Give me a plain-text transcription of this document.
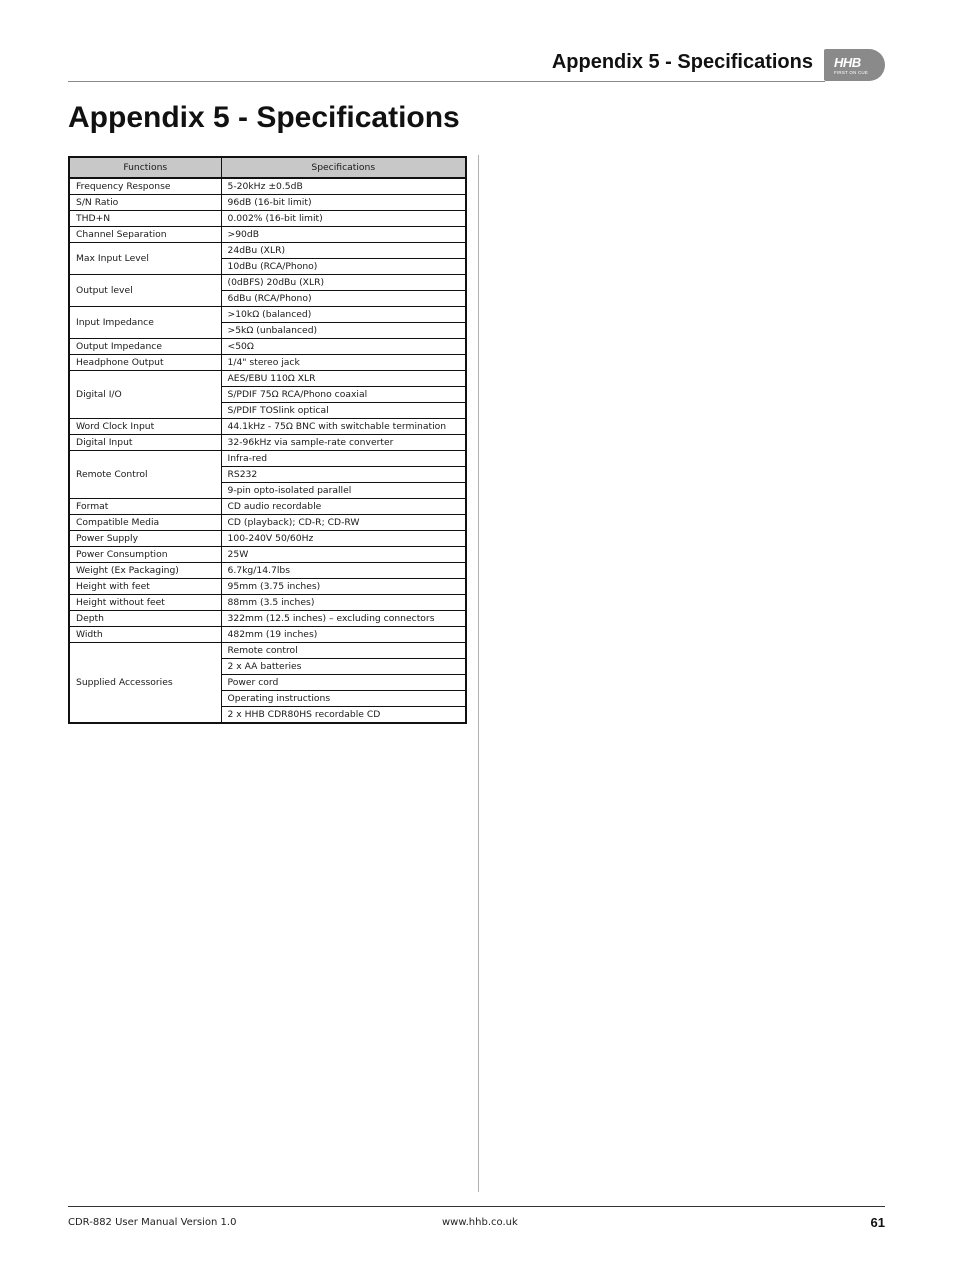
Appendix 5 - Specifications HHB
FIRST ON CUE
Appendix 5 - Specifications
Functions	Specifications
Frequency Response	5-20kHz ±0.5dB
S/N Ratio	96dB (16-bit limit)
THD+N	0.002% (16-bit limit)
Channel Separation	>90dB
Max Input Level	24dBu (XLR)
	10dBu (RCA/Phono)
Output level	(0dBFS) 20dBu (XLR)
	6dBu (RCA/Phono)
Input Impedance	>10kΩ (balanced)
	>5kΩ (unbalanced)
Output Impedance	<50Ω
Headphone Output	1/4" stereo jack
Digital I/O	AES/EBU 110Ω XLR
	S/PDIF 75Ω RCA/Phono coaxial
	S/PDIF TOSlink optical
Word Clock Input	44.1kHz - 75Ω BNC with switchable termination
Digital Input	32-96kHz via sample-rate converter
Remote Control	Infra-red
	RS232
	9-pin opto-isolated parallel
Format	CD audio recordable
Compatible Media	CD (playback); CD-R; CD-RW
Power Supply	100-240V 50/60Hz
Power Consumption	25W
Weight (Ex Packaging)	6.7kg/14.7lbs
Height with feet	95mm (3.75 inches)
Height without feet	88mm (3.5 inches)
Depth	322mm (12.5 inches) – excluding connectors
Width	482mm (19 inches)
Supplied Accessories	Remote control
	2 x AA batteries
	Power cord
	Operating instructions
	2 x HHB CDR80HS recordable CD
CDR-882 User Manual Version 1.0	www.hhb.co.uk	61
